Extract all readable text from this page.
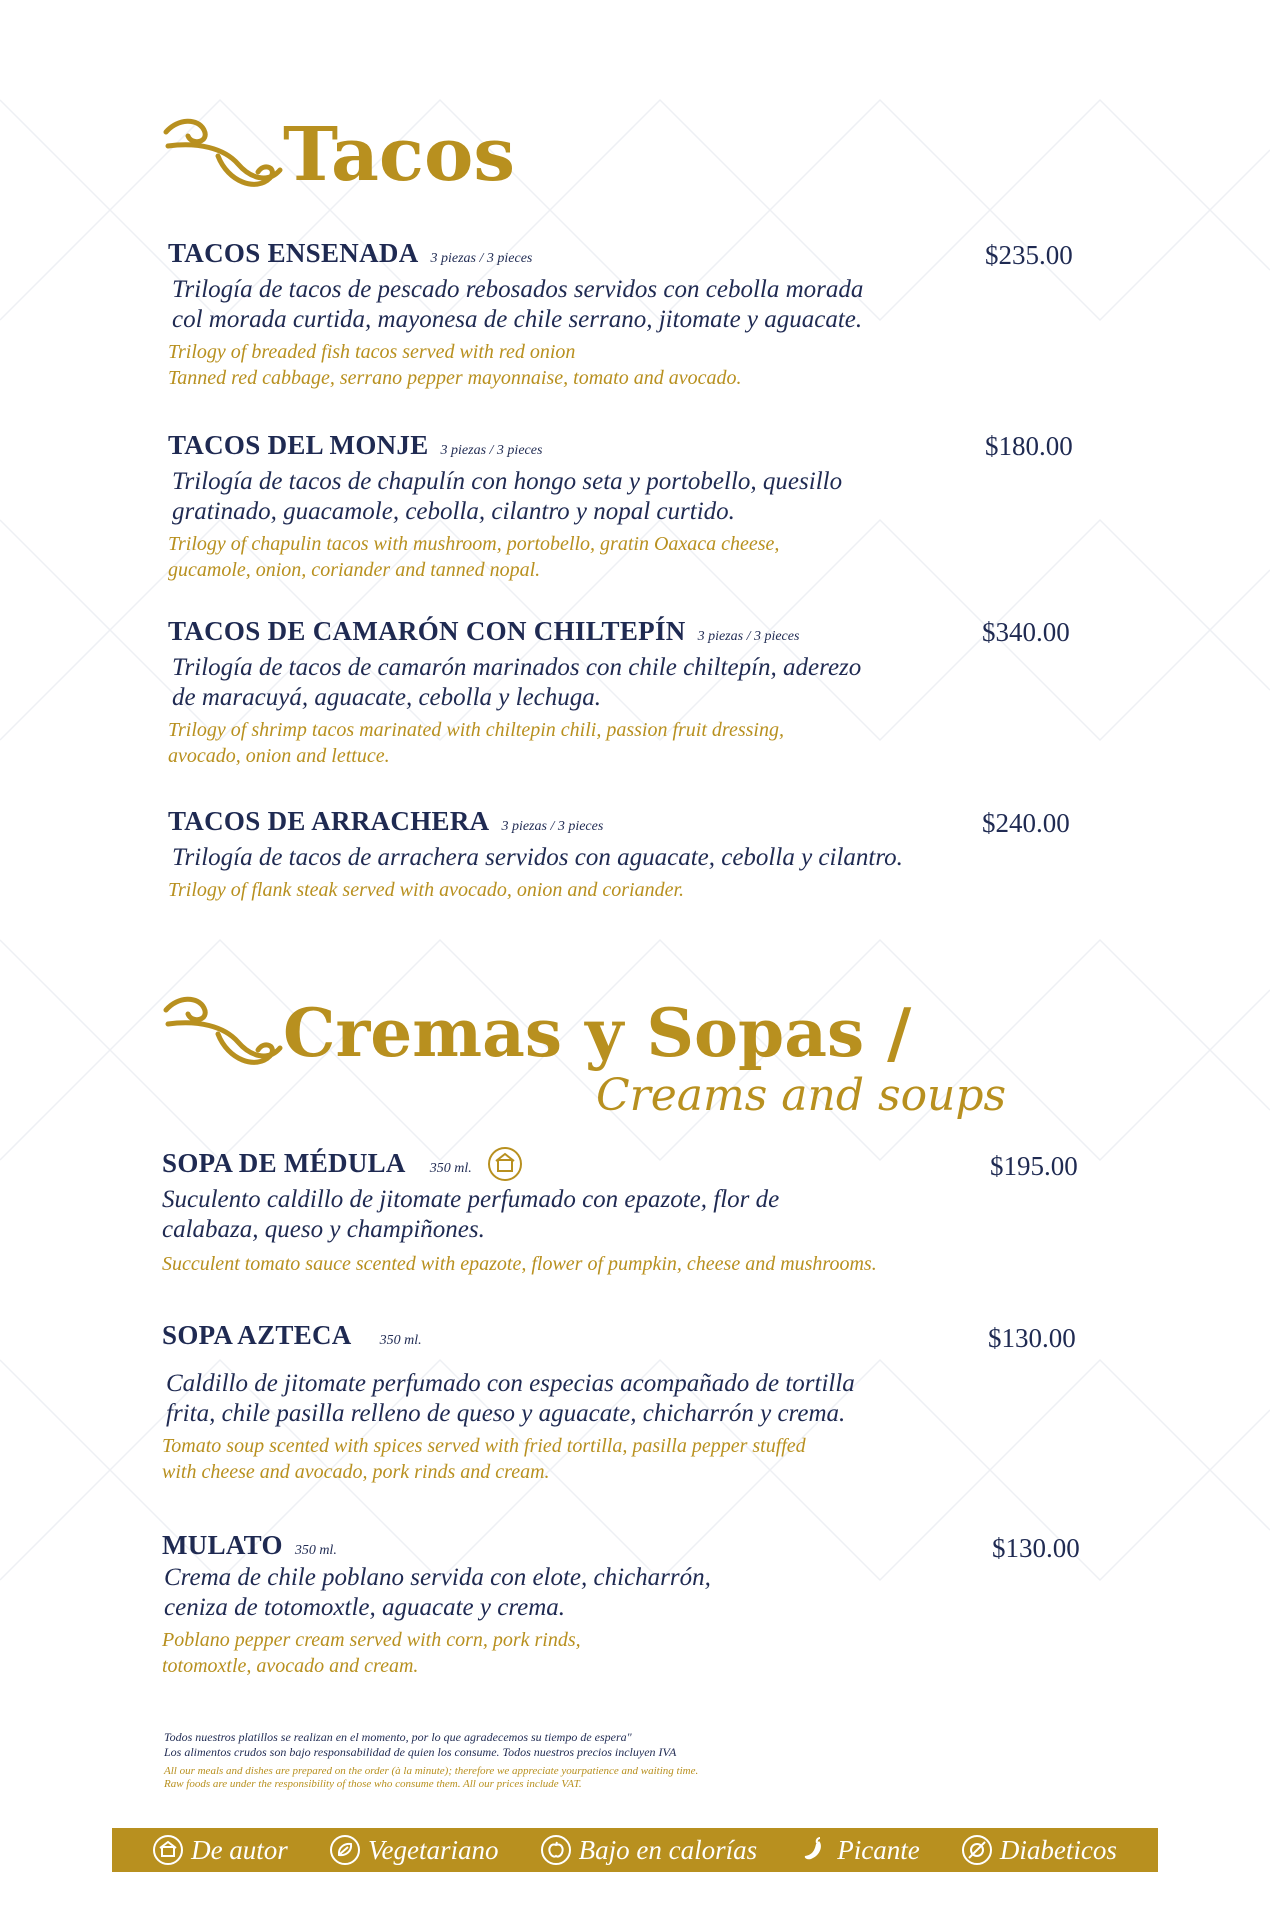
Tacos
TACOS ENSENADA 3 piezas / 3 pieces

Trilogía de tacos de pescado rebosados servidos con cebolla morada
col morada curtida, mayonesa de chile serrano, jitomate y aguacate.

Trilogy of breaded fish tacos served with red onion
Tanned red cabbage, serrano pepper mayonnaise, tomato and avocado.

$235.00
TACOS DEL MONJE 3 piezas / 3 pieces

Trilogía de tacos de chapulín con hongo seta y portobello, quesillo
gratinado, guacamole, cebolla, cilantro y nopal curtido.

Trilogy of chapulin tacos with mushroom, portobello, gratin Oaxaca cheese,
gucamole, onion, coriander and tanned nopal.

$180.00
TACOS DE CAMARÓN CON CHILTEPÍN 3 piezas / 3 pieces

Trilogía de tacos de camarón marinados con chile chiltepín, aderezo
de maracuyá, aguacate, cebolla y lechuga.

Trilogy of shrimp tacos marinated with chiltepin chili, passion fruit dressing,
avocado, onion and lettuce.

$340.00
TACOS DE ARRACHERA 3 piezas / 3 pieces

Trilogía de tacos de arrachera servidos con aguacate, cebolla y cilantro.

Trilogy of flank steak served with avocado, onion and coriander.

$240.00
Cremas y Sopas /
Creams and soups
SOPA DE MÉDULA 350 ml.

Suculento caldillo de jitomate perfumado con epazote, flor de
calabaza, queso y champiñones.

Succulent tomato sauce scented with epazote, flower of pumpkin, cheese and mushrooms.

$195.00
SOPA AZTECA 350 ml.

Caldillo de jitomate perfumado con especias acompañado de tortilla
frita, chile pasilla relleno de queso y aguacate, chicharrón y crema.

Tomato soup scented with spices served with fried tortilla, pasilla pepper stuffed
with cheese and avocado, pork rinds and cream.

$130.00
MULATO 350 ml.

Crema de chile poblano servida con elote, chicharrón,
ceniza de totomoxtle, aguacate y crema.

Poblano pepper cream served with corn, pork rinds,
totomoxtle, avocado and cream.

$130.00

Todos nuestros platillos se realizan en el momento, por lo que agradecemos su tiempo de espera"
Los alimentos crudos son bajo responsabilidad de quien los consume. Todos nuestros precios incluyen IVA

All our meals and dishes are prepared on the order (à la minute); therefore we appreciate yourpatience and waiting time.
Raw foods are under the responsibility of those who consume them. All our prices include VAT.

De autor	Vegetariano	Bajo en calorías	Picante	Diabeticos
